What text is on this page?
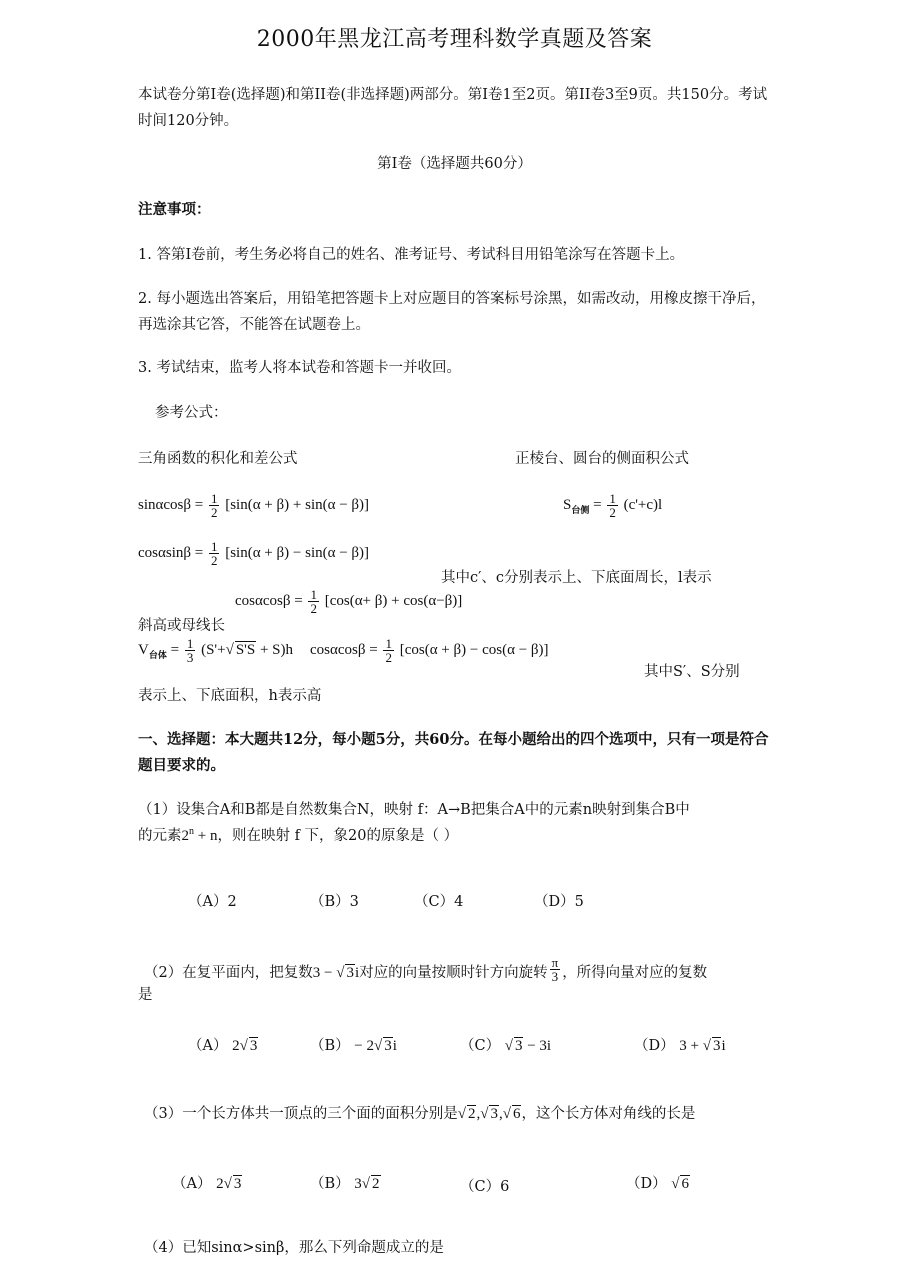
2000年黑龙江高考理科数学真题及答案
本试卷分第I卷(选择题)和第II卷(非选择题)两部分。第I卷1至2页。第II卷3至9页。共150分。考试时间120分钟。
第I卷（选择题共60分）
注意事项：
1. 答第I卷前，考生务必将自己的姓名、准考证号、考试科目用铅笔涂写在答题卡上。
2. 每小题选出答案后，用铅笔把答题卡上对应题目的答案标号涂黑，如需改动，用橡皮擦干净后，再选涂其它答，不能答在试题卷上。
3. 考试结束，监考人将本试卷和答题卡一并收回。
参考公式：
三角函数的积化和差公式	正棱台、圆台的侧面积公式
$\sin\alpha\cos\beta = \frac{1}{2} [\sin(\alpha + \beta) + \sin(\alpha - \beta)]$	$S_{台侧} = \frac{1}{2} (c'+c)l$
$\cos\alpha\sin\beta = \frac{1}{2} [\sin(\alpha + \beta) - \sin(\alpha - \beta)]$
其中c′、c分别表示上、下底面周长，l表示
$\cos\alpha\cos\beta = \frac{1}{2} [\cos(\alpha+ \beta) + \cos(\alpha-\beta)]$
斜高或母线长
$V_{台体} = \frac{1}{3} (S'+√$ S'S + S)h $\cos\alpha\cos\beta = \frac{1}{2} [\cos(\alpha + \beta) - \cos(\alpha - \beta)]$
其中S′、S分别
表示上、下底面积，h表示高
一、选择题：本大题共12分，每小题5分，共60分。在每小题给出的四个选项中，只有一项是符合题目要求的。
（1）设集合A和B都是自然数集合N，映射 f：A→B把集合A中的元素n映射到集合B中
的元素$2^n + n$，则在映射 f 下，象20的原象是（ ）
（A）2	（B）3	（C）4	（D）5
（2）在复平面内，把复数3 − √ 3i对应的向量按顺时针方向旋转 $\frac{\pi}{3}$ ，所得向量对应的复数
是
（A） 2√ 3	（B） − 2√ 3i	（C） √ 3 − 3i	（D） 3 + √ 3i
（3）一个长方体共一顶点的三个面的面积分别是√ 2,√ 3,√ 6，这个长方体对角线的长是
（A） 2√ 3	（B） 3√ 2	（C）6	（D） √ 6
（4）已知sinα>sinβ，那么下列命题成立的是
